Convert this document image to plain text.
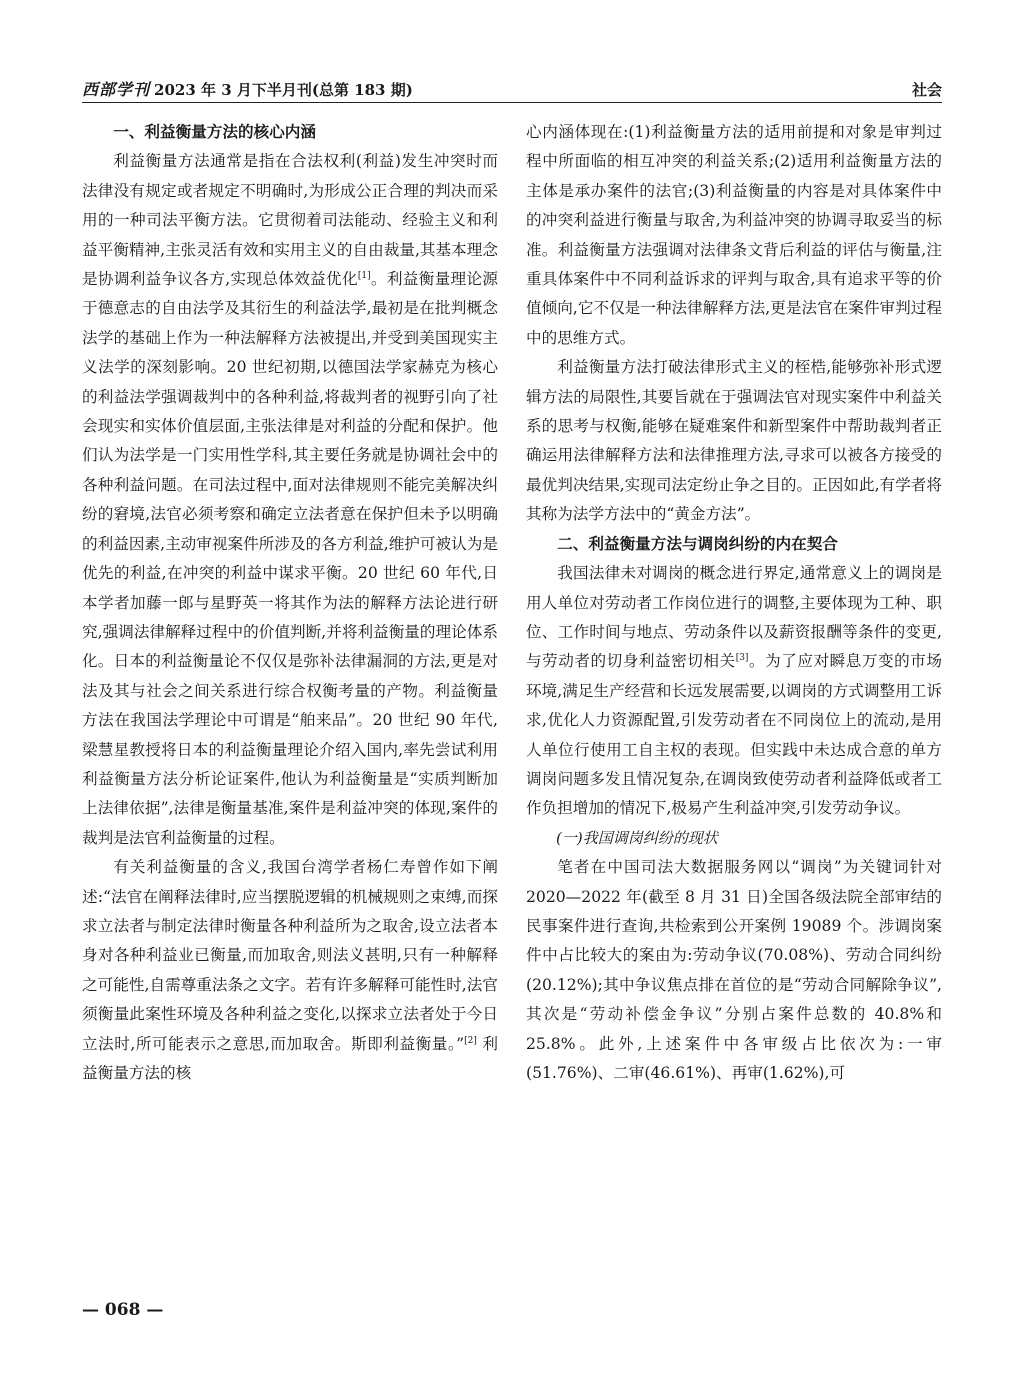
西部学刊 2023 年 3 月下半月刊(总第 183 期)	社会
一、利益衡量方法的核心内涵

利益衡量方法通常是指在合法权利(利益)发生冲突时而法律没有规定或者规定不明确时,为形成公正合理的判决而采用的一种司法平衡方法。它贯彻着司法能动、经验主义和利益平衡精神,主张灵活有效和实用主义的自由裁量,其基本理念是协调利益争议各方,实现总体效益优化[1]。利益衡量理论源于德意志的自由法学及其衍生的利益法学,最初是在批判概念法学的基础上作为一种法解释方法被提出,并受到美国现实主义法学的深刻影响。20 世纪初期,以德国法学家赫克为核心的利益法学强调裁判中的各种利益,将裁判者的视野引向了社会现实和实体价值层面,主张法律是对利益的分配和保护。他们认为法学是一门实用性学科,其主要任务就是协调社会中的各种利益问题。在司法过程中,面对法律规则不能完美解决纠纷的窘境,法官必须考察和确定立法者意在保护但未予以明确的利益因素,主动审视案件所涉及的各方利益,维护可被认为是优先的利益,在冲突的利益中谋求平衡。20 世纪 60 年代,日本学者加藤一郎与星野英一将其作为法的解释方法论进行研究,强调法律解释过程中的价值判断,并将利益衡量的理论体系化。日本的利益衡量论不仅仅是弥补法律漏洞的方法,更是对法及其与社会之间关系进行综合权衡考量的产物。利益衡量方法在我国法学理论中可谓是“舶来品”。20 世纪 90 年代,梁慧星教授将日本的利益衡量理论介绍入国内,率先尝试利用利益衡量方法分析论证案件,他认为利益衡量是“实质判断加上法律依据”,法律是衡量基准,案件是利益冲突的体现,案件的裁判是法官利益衡量的过程。

有关利益衡量的含义,我国台湾学者杨仁寿曾作如下阐述:“法官在阐释法律时,应当摆脱逻辑的机械规则之束缚,而探求立法者与制定法律时衡量各种利益所为之取舍,设立法者本身对各种利益业已衡量,而加取舍,则法义甚明,只有一种解释之可能性,自需尊重法条之文字。若有许多解释可能性时,法官须衡量此案性环境及各种利益之变化,以探求立法者处于今日立法时,所可能表示之意思,而加取舍。斯即利益衡量。”[2] 利益衡量方法的核

心内涵体现在:(1)利益衡量方法的适用前提和对象是审判过程中所面临的相互冲突的利益关系;(2)适用利益衡量方法的主体是承办案件的法官;(3)利益衡量的内容是对具体案件中的冲突利益进行衡量与取舍,为利益冲突的协调寻取妥当的标准。利益衡量方法强调对法律条文背后利益的评估与衡量,注重具体案件中不同利益诉求的评判与取舍,具有追求平等的价值倾向,它不仅是一种法律解释方法,更是法官在案件审判过程中的思维方式。

利益衡量方法打破法律形式主义的桎梏,能够弥补形式逻辑方法的局限性,其要旨就在于强调法官对现实案件中利益关系的思考与权衡,能够在疑难案件和新型案件中帮助裁判者正确运用法律解释方法和法律推理方法,寻求可以被各方接受的最优判决结果,实现司法定纷止争之目的。正因如此,有学者将其称为法学方法中的“黄金方法”。

二、利益衡量方法与调岗纠纷的内在契合

我国法律未对调岗的概念进行界定,通常意义上的调岗是用人单位对劳动者工作岗位进行的调整,主要体现为工种、职位、工作时间与地点、劳动条件以及薪资报酬等条件的变更,与劳动者的切身利益密切相关[3]。为了应对瞬息万变的市场环境,满足生产经营和长远发展需要,以调岗的方式调整用工诉求,优化人力资源配置,引发劳动者在不同岗位上的流动,是用人单位行使用工自主权的表现。但实践中未达成合意的单方调岗问题多发且情况复杂,在调岗致使劳动者利益降低或者工作负担增加的情况下,极易产生利益冲突,引发劳动争议。

(一)我国调岗纠纷的现状

笔者在中国司法大数据服务网以“调岗”为关键词针对 2020—2022 年(截至 8 月 31 日)全国各级法院全部审结的民事案件进行查询,共检索到公开案例 19089 个。涉调岗案件中占比较大的案由为:劳动争议(70.08%)、劳动合同纠纷(20.12%);其中争议焦点排在首位的是“劳动合同解除争议”,其次是“劳动补偿金争议”分别占案件总数的 40.8%和 25.8%。此外,上述案件中各审级占比依次为:一审(51.76%)、二审(46.61%)、再审(1.62%),可

— 068 —
